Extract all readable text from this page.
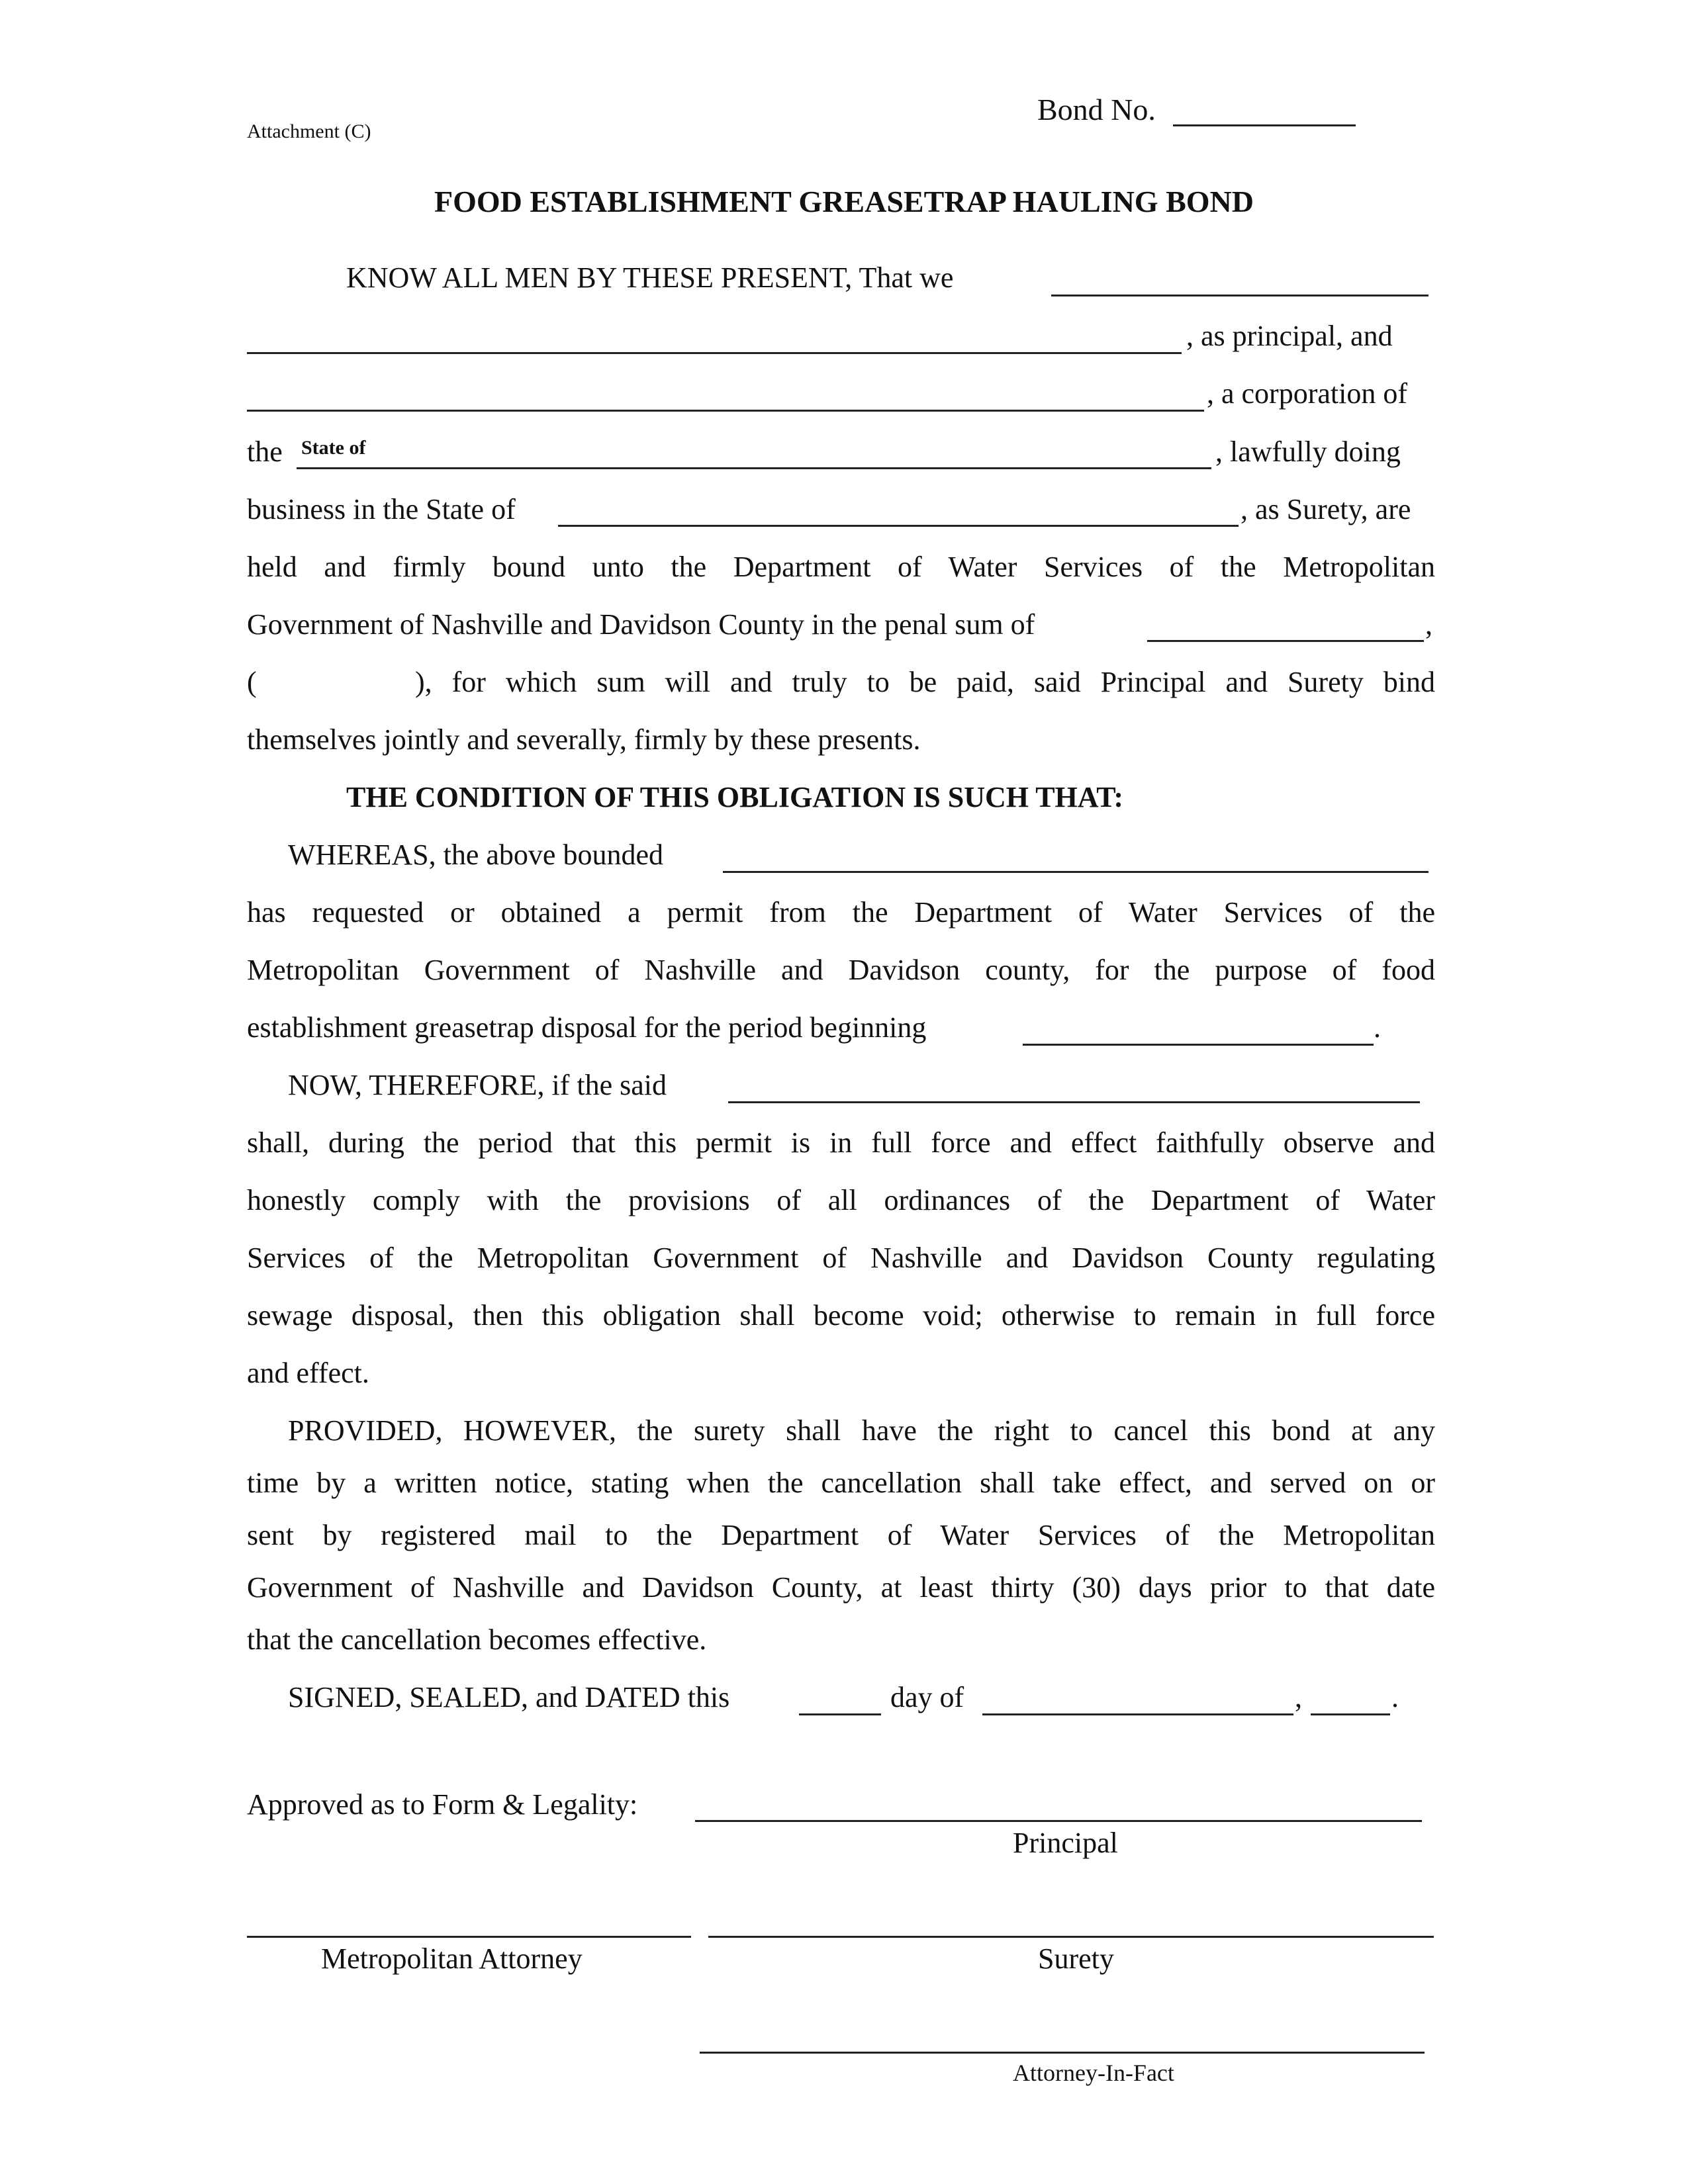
Attachment (C)
Bond No.
FOOD ESTABLISHMENT GREASETRAP HAULING BOND
KNOW ALL MEN BY THESE PRESENT, That we
, as principal, and
, a corporation of
the State of	, lawfully doing
business in the State of	, as Surety, are
held and firmly bound unto the Department of Water Services of the Metropolitan
Government of Nashville and Davidson County in the penal sum of	,
(	), for which sum will and truly to be paid, said Principal and Surety bind
themselves jointly and severally, firmly by these presents.
THE CONDITION OF THIS OBLIGATION IS SUCH THAT:
WHEREAS, the above bounded
has requested or obtained a permit from the Department of Water Services of the
Metropolitan Government of Nashville and Davidson county, for the purpose of food
establishment greasetrap disposal for the period beginning	.
NOW, THEREFORE, if the said
shall, during the period that this permit is in full force and effect faithfully observe and
honestly comply with the provisions of all ordinances of the Department of Water
Services of the Metropolitan Government of Nashville and Davidson County regulating
sewage disposal, then this obligation shall become void; otherwise to remain in full force
and effect.
PROVIDED, HOWEVER, the surety shall have the right to cancel this bond at any
time by a written notice, stating when the cancellation shall take effect, and served on or
sent by registered mail to the Department of Water Services of the Metropolitan
Government of Nashville and Davidson County, at least thirty (30) days prior to that date
that the cancellation becomes effective.
SIGNED, SEALED, and DATED this	day of	,	.
Approved as to Form & Legality:
Principal
Metropolitan Attorney	Surety
Attorney-In-Fact
